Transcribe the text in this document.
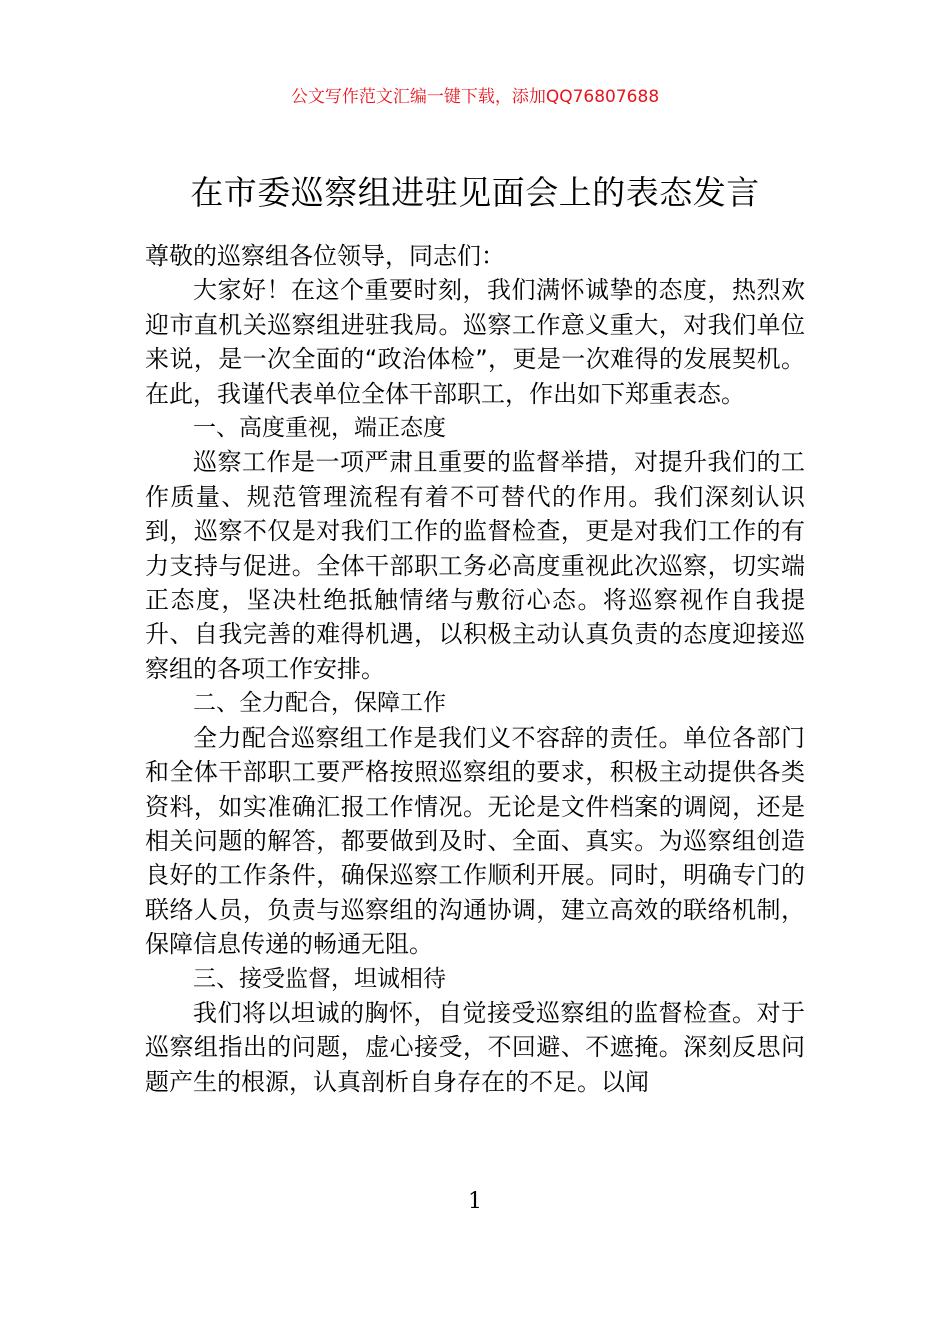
公文写作范文汇编一键下载，添加QQ76807688
在市委巡察组进驻见面会上的表态发言

尊敬的巡察组各位领导，同志们：

大家好！在这个重要时刻，我们满怀诚挚的态度，热烈欢迎市直机关巡察组进驻我局。巡察工作意义重大，对我们单位来说，是一次全面的“政治体检”，更是一次难得的发展契机。在此，我谨代表单位全体干部职工，作出如下郑重表态。

一、高度重视，端正态度

巡察工作是一项严肃且重要的监督举措，对提升我们的工作质量、规范管理流程有着不可替代的作用。我们深刻认识到，巡察不仅是对我们工作的监督检查，更是对我们工作的有力支持与促进。全体干部职工务必高度重视此次巡察，切实端正态度，坚决杜绝抵触情绪与敷衍心态。将巡察视作自我提升、自我完善的难得机遇，以积极主动认真负责的态度迎接巡察组的各项工作安排。

二、全力配合，保障工作

全力配合巡察组工作是我们义不容辞的责任。单位各部门和全体干部职工要严格按照巡察组的要求，积极主动提供各类资料，如实准确汇报工作情况。无论是文件档案的调阅，还是相关问题的解答，都要做到及时、全面、真实。为巡察组创造良好的工作条件，确保巡察工作顺利开展。同时，明确专门的联络人员，负责与巡察组的沟通协调，建立高效的联络机制，保障信息传递的畅通无阻。

三、接受监督，坦诚相待

我们将以坦诚的胸怀，自觉接受巡察组的监督检查。对于巡察组指出的问题，虚心接受，不回避、不遮掩。深刻反思问题产生的根源，认真剖析自身存在的不足。以闻

1
